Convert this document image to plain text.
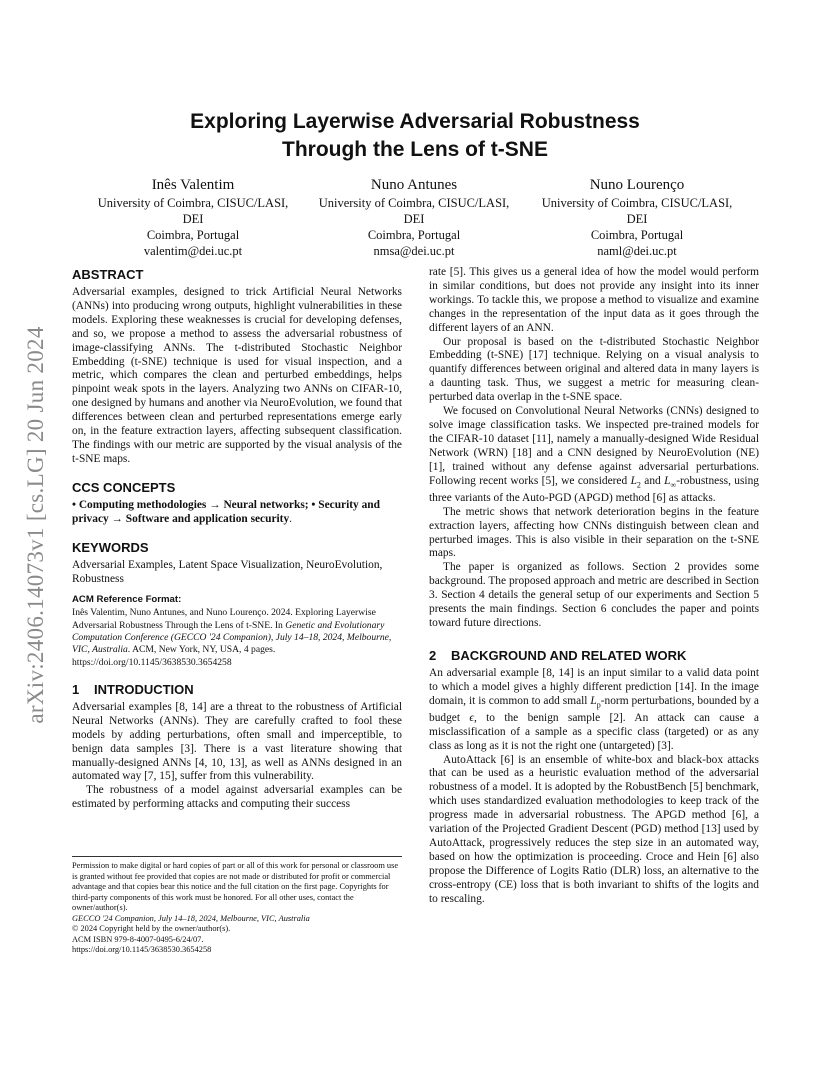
arXiv:2406.14073v1 [cs.LG] 20 Jun 2024
Exploring Layerwise Adversarial Robustness
Through the Lens of t-SNE
Inês Valentim
University of Coimbra, CISUC/LASI,
DEI
Coimbra, Portugal
valentim@dei.uc.pt
Nuno Antunes
University of Coimbra, CISUC/LASI,
DEI
Coimbra, Portugal
nmsa@dei.uc.pt
Nuno Lourenço
University of Coimbra, CISUC/LASI,
DEI
Coimbra, Portugal
naml@dei.uc.pt
ABSTRACT

Adversarial examples, designed to trick Artificial Neural Networks (ANNs) into producing wrong outputs, highlight vulnerabilities in these models. Exploring these weaknesses is crucial for developing defenses, and so, we propose a method to assess the adversarial robustness of image-classifying ANNs. The t-distributed Stochastic Neighbor Embedding (t-SNE) technique is used for visual inspection, and a metric, which compares the clean and perturbed embeddings, helps pinpoint weak spots in the layers. Analyzing two ANNs on CIFAR-10, one designed by humans and another via NeuroEvolution, we found that differences between clean and perturbed representations emerge early on, in the feature extraction layers, affecting subsequent classification. The findings with our metric are supported by the visual analysis of the t-SNE maps.

CCS CONCEPTS

• Computing methodologies → Neural networks; • Security and privacy → Software and application security.

KEYWORDS

Adversarial Examples, Latent Space Visualization, NeuroEvolution, Robustness

ACM Reference Format:

Inês Valentim, Nuno Antunes, and Nuno Lourenço. 2024. Exploring Layerwise Adversarial Robustness Through the Lens of t-SNE. In Genetic and Evolutionary Computation Conference (GECCO '24 Companion), July 14–18, 2024, Melbourne, VIC, Australia. ACM, New York, NY, USA, 4 pages. https://doi.org/10.1145/3638530.3654258

1 INTRODUCTION

Adversarial examples [8, 14] are a threat to the robustness of Artificial Neural Networks (ANNs). They are carefully crafted to fool these models by adding perturbations, often small and imperceptible, to benign data samples [3]. There is a vast literature showing that manually-designed ANNs [4, 10, 13], as well as ANNs designed in an automated way [7, 15], suffer from this vulnerability.

The robustness of a model against adversarial examples can be estimated by performing attacks and computing their success

Permission to make digital or hard copies of part or all of this work for personal or classroom use is granted without fee provided that copies are not made or distributed for profit or commercial advantage and that copies bear this notice and the full citation on the first page. Copyrights for third-party components of this work must be honored. For all other uses, contact the owner/author(s).

GECCO '24 Companion, July 14–18, 2024, Melbourne, VIC, Australia

© 2024 Copyright held by the owner/author(s).

ACM ISBN 979-8-4007-0495-6/24/07.

https://doi.org/10.1145/3638530.3654258

rate [5]. This gives us a general idea of how the model would perform in similar conditions, but does not provide any insight into its inner workings. To tackle this, we propose a method to visualize and examine changes in the representation of the input data as it goes through the different layers of an ANN.

Our proposal is based on the t-distributed Stochastic Neighbor Embedding (t-SNE) [17] technique. Relying on a visual analysis to quantify differences between original and altered data in many layers is a daunting task. Thus, we suggest a metric for measuring clean-perturbed data overlap in the t-SNE space.

We focused on Convolutional Neural Networks (CNNs) designed to solve image classification tasks. We inspected pre-trained models for the CIFAR-10 dataset [11], namely a manually-designed Wide Residual Network (WRN) [18] and a CNN designed by NeuroEvolution (NE) [1], trained without any defense against adversarial perturbations. Following recent works [5], we considered $L_2$ and $L_\infty$-robustness, using three variants of the Auto-PGD (APGD) method [6] as attacks.

The metric shows that network deterioration begins in the feature extraction layers, affecting how CNNs distinguish between clean and perturbed images. This is also visible in their separation on the t-SNE maps.

The paper is organized as follows. Section 2 provides some background. The proposed approach and metric are described in Section 3. Section 4 details the general setup of our experiments and Section 5 presents the main findings. Section 6 concludes the paper and points toward future directions.

2 BACKGROUND AND RELATED WORK

An adversarial example [8, 14] is an input similar to a valid data point to which a model gives a highly different prediction [14]. In the image domain, it is common to add small $L_p$-norm perturbations, bounded by a budget ϵ, to the benign sample [2]. An attack can cause a misclassification of a sample as a specific class (targeted) or as any class as long as it is not the right one (untargeted) [3].

AutoAttack [6] is an ensemble of white-box and black-box attacks that can be used as a heuristic evaluation method of the adversarial robustness of a model. It is adopted by the RobustBench [5] benchmark, which uses standardized evaluation methodologies to keep track of the progress made in adversarial robustness. The APGD method [6], a variation of the Projected Gradient Descent (PGD) method [13] used by AutoAttack, progressively reduces the step size in an automated way, based on how the optimization is proceeding. Croce and Hein [6] also propose the Difference of Logits Ratio (DLR) loss, an alternative to the cross-entropy (CE) loss that is both invariant to shifts of the logits and to rescaling.
